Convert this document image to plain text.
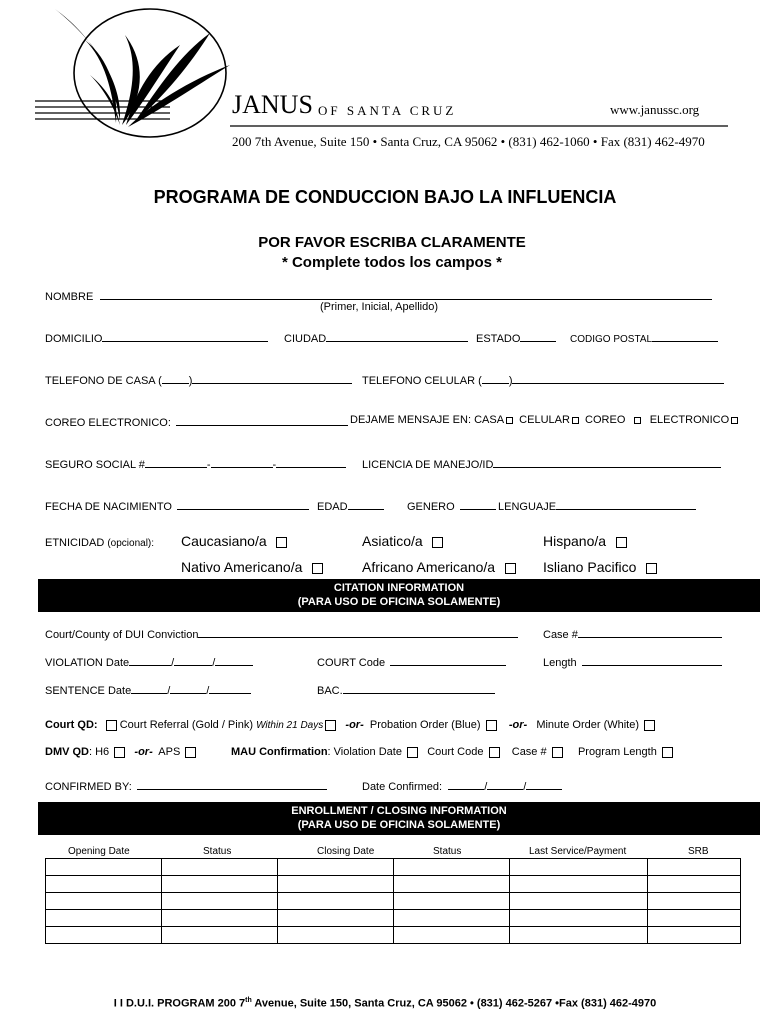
JANUS OF SANTA CRUZ	www.janussc.org
200 7th Avenue, Suite 150 • Santa Cruz, CA 95062 • (831) 462-1060 • Fax (831) 462-4970
PROGRAMA DE CONDUCCION BAJO LA INFLUENCIA
POR FAVOR ESCRIBA CLARAMENTE
* Complete todos los campos *
NOMBRE
(Primer, Inicial, Apellido)
DOMICILIO	CIUDAD	ESTADO	CODIGO POSTAL
TELEFONO DE CASA ( )	TELEFONO CELULAR ( )
COREO ELECTRONICO:	DEJAME MENSAJE EN: CASA CELULAR COREO ELECTRONICO
SEGURO SOCIAL #	-	-	LICENCIA DE MANEJO/ID
FECHA DE NACIMIENTO	EDAD	GENERO	LENGUAJE
ETNICIDAD (opcional): Caucasiano/a	Asiatico/a	Hispano/a
Nativo Americano/a	Africano Americano/a	Isliano Pacifico
CITATION INFORMATION
(PARA USO DE OFICINA SOLAMENTE)
Court/County of DUI Conviction	Case #
VIOLATION Date	/	/	COURT Code	Length
SENTENCE Date	/	/	BAC.
Court QD: Court Referral (Gold / Pink) Within 21 Days -or- Probation Order (Blue)	-or- Minute Order (White)
DMV QD: H6 -or- APS	MAU Confirmation: Violation Date Court Code	Case #	Program Length
CONFIRMED BY:	Date Confirmed:	/	/
ENROLLMENT / CLOSING INFORMATION
(PARA USO DE OFICINA SOLAMENTE)
Opening Date	Status	Closing Date	Status	Last Service/Payment	SRB

I I D.U.I. PROGRAM 200 7th Avenue, Suite 150, Santa Cruz, CA 95062 • (831) 462-5267 •Fax (831) 462-4970
